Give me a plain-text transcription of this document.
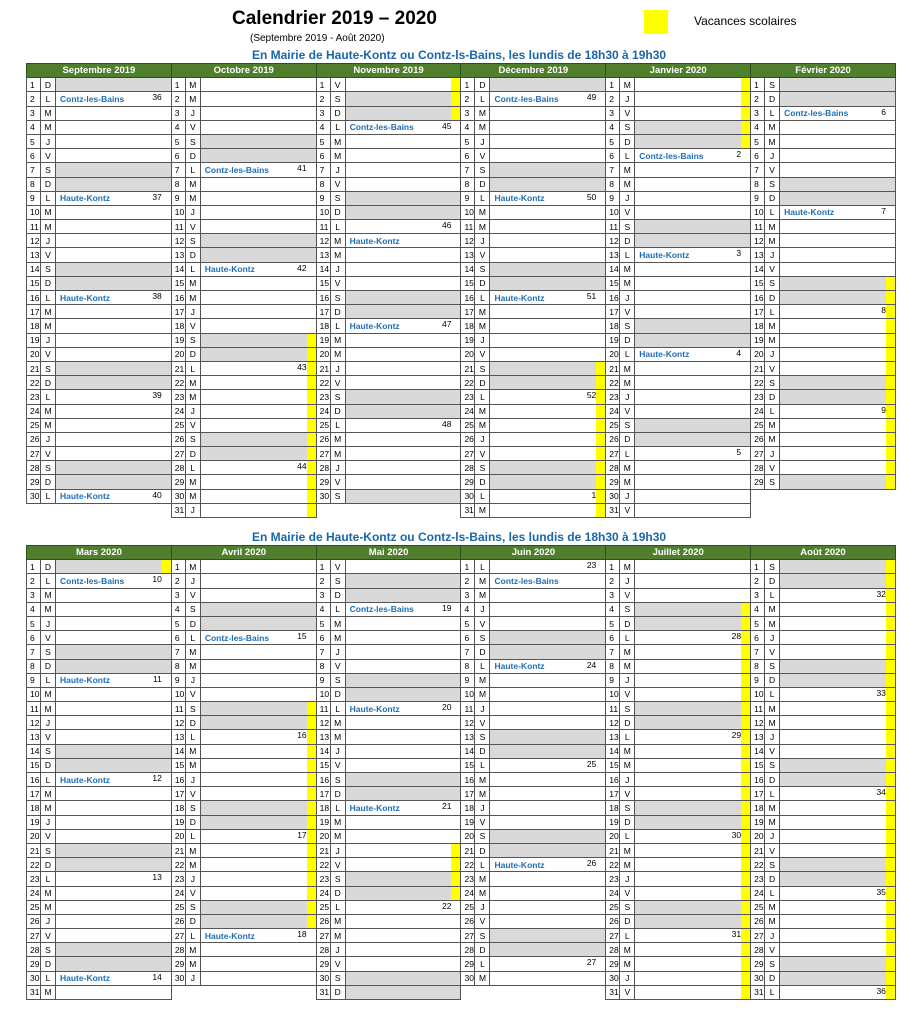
Calendrier 2019 – 2020
(Septembre 2019 - Août 2020)
Vacances scolaires
En Mairie de Haute-Kontz ou Contz-ls-Bains, les lundis de 18h30 à 19h30
Septembre 2019			Octobre 2019			Novembre 2019			Décembre 2019			Janvier 2020			Février 2020		
1	D		1	M		1	V		1	D		1	M		1	S	
2	L	Contz-les-Bains 36	2	M		2	S		2	L	Contz-les-Bains 49	2	J		2	D	
3	M		3	J		3	D		3	M		3	V		3	L	Contz-les-Bains 6

4	M		4	V		4	L	Contz-les-Bains 45	4	M		4	S		4	M	
5	J		5	S		5	M		5	J		5	D		5	M	
6	V		6	D		6	M		6	V		6	L	Contz-les-Bains 2	6	J	
7	S		7	L	Contz-les-Bains 41	7	J		7	S		7	M		7	V	
8	D		8	M		8	V		8	D		8	M		8	S	
9	L	Haute-Kontz 37	9	M		9	S		9	L	Haute-Kontz 50	9	J		9	D	
10	M		10	J		10	D		10	M		10	V		10	L	Haute-Kontz 7

11	M		11	V		11	L	46	11	M		11	S		11	M	
12	J		12	S		12	M	Haute-Kontz	12	J		12	D		12	M	
13	V		13	D		13	M		13	V		13	L	Haute-Kontz 3	13	J	
14	S		14	L	Haute-Kontz 42	14	J		14	S		14	M		14	V	
15	D		15	M		15	V		15	D		15	M		15	S	
16	L	Haute-Kontz 38	16	M		16	S		16	L	Haute-Kontz 51	16	J		16	D	
17	M		17	J		17	D		17	M		17	V		17	L	8

18	M		18	V		18	L	Haute-Kontz 47	18	M		18	S		18	M	
19	J		19	S		19	M		19	J		19	D		19	M	
20	V		20	D		20	M		20	V		20	L	Haute-Kontz 4	20	J	
21	S		21	L	43	21	J		21	S		21	M		21	V	
22	D		22	M		22	V		22	D		22	M		22	S	
23	L	39	23	M		23	S		23	L	52	23	J		23	D	
24	M		24	J		24	D		24	M		24	V		24	L	9

25	M		25	V		25	L	48	25	M		25	S		25	M	
26	J		26	S		26	M		26	J		26	D		26	M	
27	V		27	D		27	M		27	V		27	L	5	27	J	
28	S		28	L	44	28	J		28	S		28	M		28	V	
29	D		29	M		29	V		29	D		29	M		29	S	
30	L	Haute-Kontz 40	30	M		30	S		30	L	1	30	J				
			31	J					31	M		31	V				
En Mairie de Haute-Kontz ou Contz-ls-Bains, les lundis de 18h30 à 19h30
Mars 2020			Avril 2020			Mai 2020			Juin 2020			Juillet 2020			Août 2020		
1	D		1	M		1	V		1	L	23	1	M		1	S	
2	L	Contz-les-Bains 10	2	J		2	S		2	M	Contz-les-Bains	2	J		2	D	
3	M		3	V		3	D		3	M		3	V		3	L	32

4	M		4	S		4	L	Contz-les-Bains 19	4	J		4	S		4	M	
5	J		5	D		5	M		5	V		5	D		5	M	
6	V		6	L	Contz-les-Bains 15	6	M		6	S		6	L	28	6	J	
7	S		7	M		7	J		7	D		7	M		7	V	
8	D		8	M		8	V		8	L	Haute-Kontz 24	8	M		8	S	
9	L	Haute-Kontz 11	9	J		9	S		9	M		9	J		9	D	
10	M		10	V		10	D		10	M		10	V		10	L	33

11	M		11	S		11	L	Haute-Kontz 20	11	J		11	S		11	M	
12	J		12	D		12	M		12	V		12	D		12	M	
13	V		13	L	16	13	M		13	S		13	L	29	13	J	
14	S		14	M		14	J		14	D		14	M		14	V	
15	D		15	M		15	V		15	L	25	15	M		15	S	
16	L	Haute-Kontz 12	16	J		16	S		16	M		16	J		16	D	
17	M		17	V		17	D		17	M		17	V		17	L	34

18	M		18	S		18	L	Haute-Kontz 21	18	J		18	S		18	M	
19	J		19	D		19	M		19	V		19	D		19	M	
20	V		20	L	17	20	M		20	S		20	L	30	20	J	
21	S		21	M		21	J		21	D		21	M		21	V	
22	D		22	M		22	V		22	L	Haute-Kontz 26	22	M		22	S	
23	L	13	23	J		23	S		23	M		23	J		23	D	
24	M		24	V		24	D		24	M		24	V		24	L	35

25	M		25	S		25	L	22	25	J		25	S		25	M	
26	J		26	D		26	M		26	V		26	D		26	M	
27	V		27	L	Haute-Kontz 18	27	M		27	S		27	L	31	27	J	
28	S		28	M		28	J		28	D		28	M		28	V	
29	D		29	M		29	V		29	L	27	29	M		29	S	
30	L	Haute-Kontz 14	30	J		30	S		30	M		30	J		30	D	
31	M					31	D					31	V		31	L	36
